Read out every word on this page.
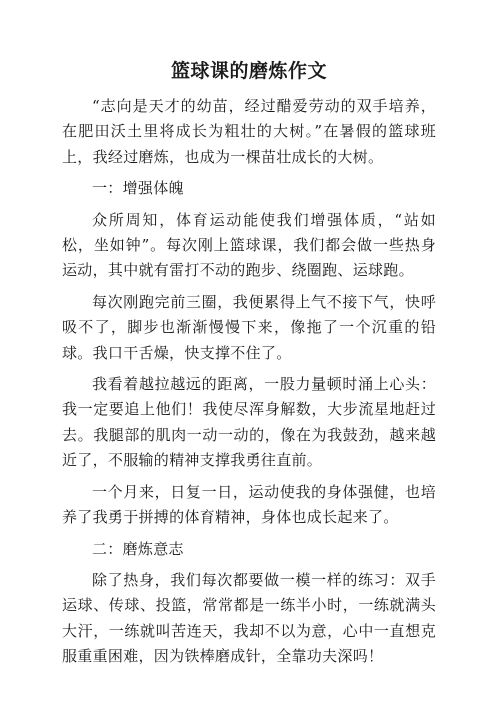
篮球课的磨炼作文

“志向是天才的幼苗，经过醋爱劳动的双手培养，在肥田沃土里将成长为粗壮的大树。”在暑假的篮球班上，我经过磨炼，也成为一棵苗壮成长的大树。

一：增强体魄

众所周知，体育运动能使我们增强体质，“站如松，坐如钟”。每次刚上篮球课，我们都会做一些热身运动，其中就有雷打不动的跑步、绕圈跑、运球跑。

每次刚跑完前三圈，我便累得上气不接下气，快呼吸不了，脚步也渐渐慢慢下来，像拖了一个沉重的铅球。我口干舌燥，快支撑不住了。

我看着越拉越远的距离，一股力量顿时涌上心头：我一定要追上他们！我使尽浑身解数，大步流星地赶过去。我腿部的肌肉一动一动的，像在为我鼓劲，越来越近了，不服输的精神支撑我勇往直前。

一个月来，日复一日，运动使我的身体强健，也培养了我勇于拼搏的体育精神，身体也成长起来了。

二：磨炼意志

除了热身，我们每次都要做一模一样的练习：双手运球、传球、投篮，常常都是一练半小时，一练就满头大汗，一练就叫苦连天，我却不以为意，心中一直想克服重重困难，因为铁棒磨成针，全靠功夫深吗！
